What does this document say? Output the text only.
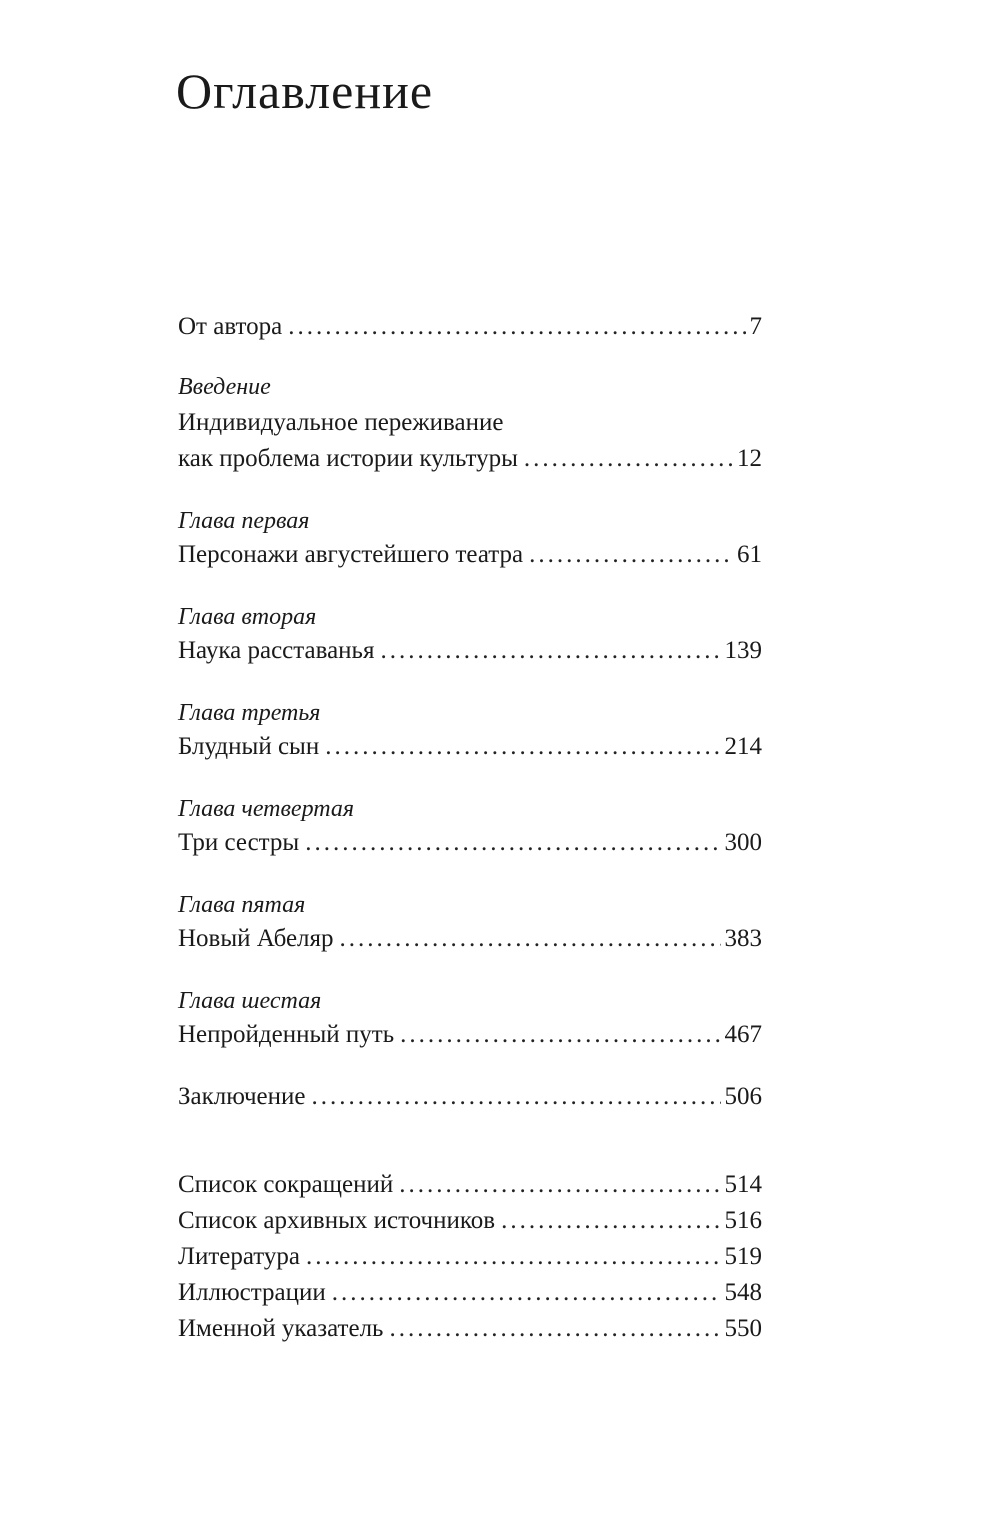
Оглавление
От автора .....	7
Введение
Индивидуальное переживание
как проблема истории культуры .....	12
Глава первая
Персонажи августейшего театра .....	61
Глава вторая
Наука расставанья .....	139
Глава третья
Блудный сын .....	214
Глава четвертая
Три сестры .....	300
Глава пятая
Новый Абеляр .....	383
Глава шестая
Непройденный путь .....	467
Заключение .....	506
Список сокращений .....	514
Список архивных источников .....	516
Литература .....	519
Иллюстрации .....	548
Именной указатель .....	550
